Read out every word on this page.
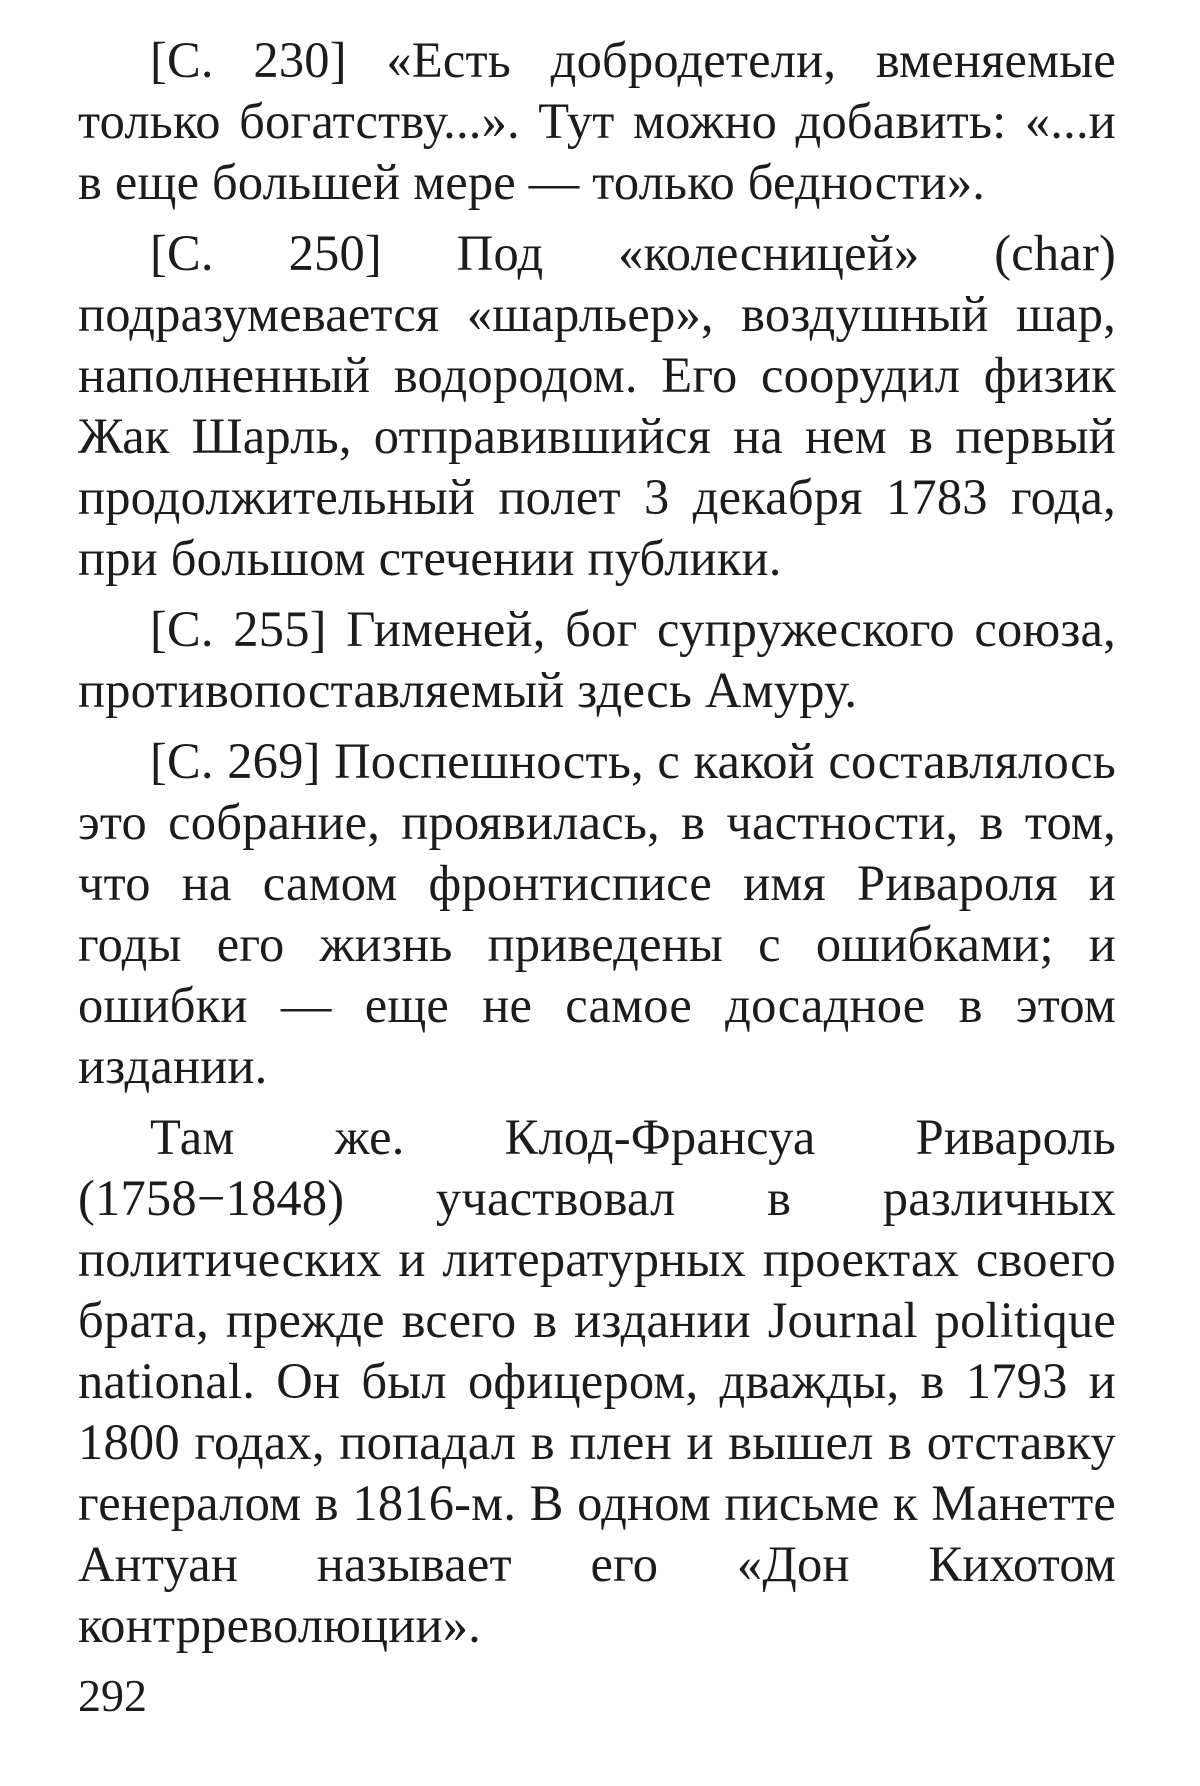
[С. 230] «Есть добродетели, вменяемые только богатству...». Тут можно добавить: «...и в еще большей мере — только бедности».

[С. 250] Под «колесницей» (char) подразумевается «шарльер», воздушный шар, наполненный водородом. Его соорудил физик Жак Шарль, отправившийся на нем в первый продолжительный полет 3 декабря 1783 года, при большом стечении публики.

[С. 255] Гименей, бог супружеского союза, противопоставляемый здесь Амуру.

[С. 269] Поспешность, с какой составлялось это собрание, проявилась, в частности, в том, что на самом фронтисписе имя Ривароля и годы его жизнь приведены с ошибками; и ошибки — еще не самое досадное в этом издании.

Там же. Клод-Франсуа Ривароль (1758−1848) участвовал в различных политических и литературных проектах своего брата, прежде всего в издании Journal politique national. Он был офицером, дважды, в 1793 и 1800 годах, попадал в плен и вышел в отставку генералом в 1816-м. В одном письме к Манетте Антуан называет его «Дон Кихотом контрреволюции».

292
